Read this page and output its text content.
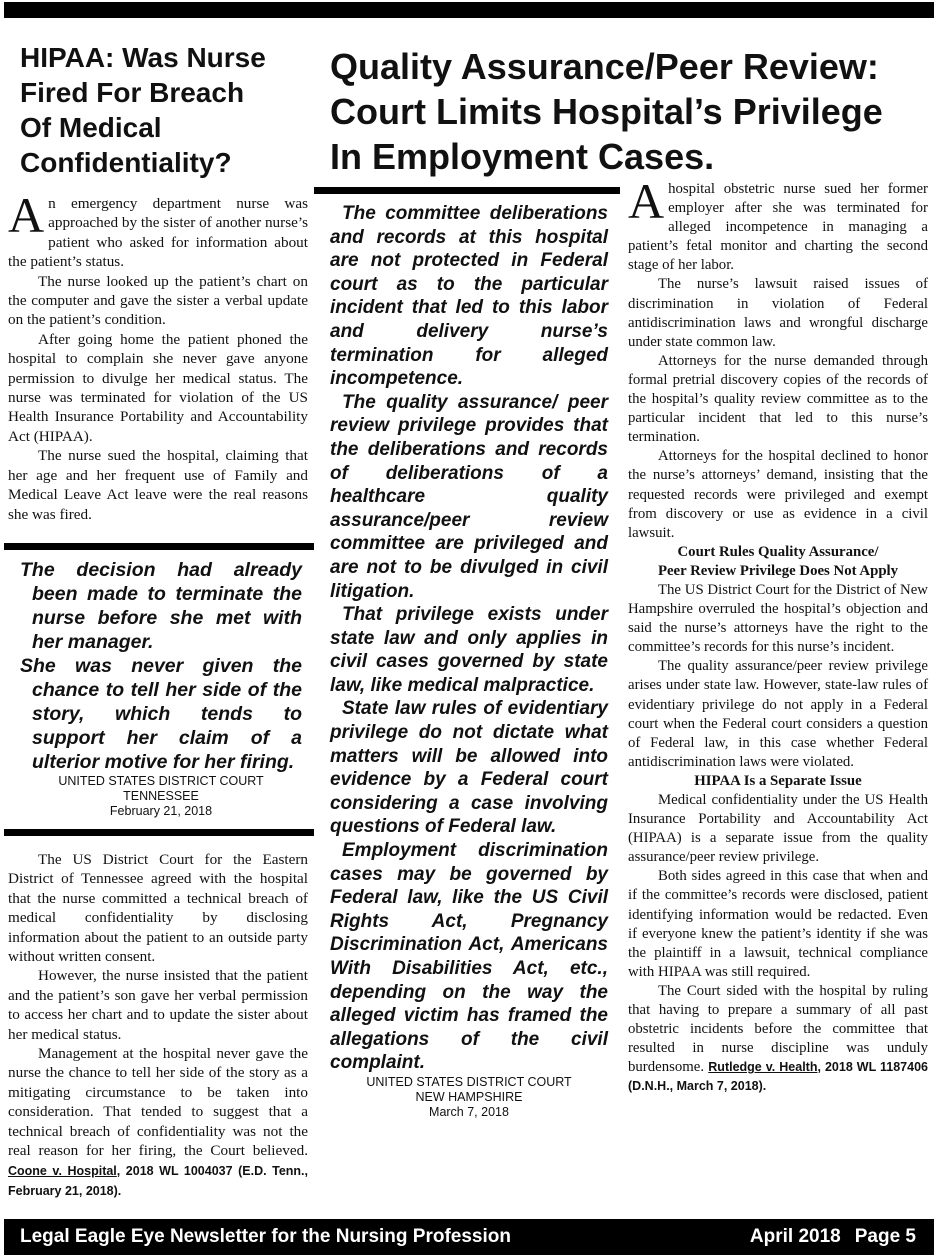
HIPAA: Was Nurse
Fired For Breach
Of Medical
Confidentiality?
Quality Assurance/Peer Review:
Court Limits Hospital’s Privilege
In Employment Cases.

An emergency department nurse was approached by the sister of another nurse’s patient who asked for information about the patient’s status.

The nurse looked up the patient’s chart on the computer and gave the sister a verbal update on the patient’s condition.

After going home the patient phoned the hospital to complain she never gave anyone permission to divulge her medical status. The nurse was terminated for violation of the US Health Insurance Portability and Accountability Act (HIPAA).

The nurse sued the hospital, claiming that her age and her frequent use of Family and Medical Leave Act leave were the real reasons she was fired.

The decision had already been made to terminate the nurse before she met with her manager.

She was never given the chance to tell her side of the story, which tends to support her claim of a ulterior motive for her firing.

UNITED STATES DISTRICT COURT
TENNESSEE
February 21, 2018

The US District Court for the Eastern District of Tennessee agreed with the hospital that the nurse committed a technical breach of medical confidentiality by disclosing information about the patient to an outside party without written consent.

However, the nurse insisted that the patient and the patient’s son gave her verbal permission to access her chart and to update the sister about her medical status.

Management at the hospital never gave the nurse the chance to tell her side of the story as a mitigating circumstance to be taken into consideration. That tended to suggest that a technical breach of confidentiality was not the real reason for her firing, the Court believed. Coone v. Hospital, 2018 WL 1004037 (E.D. Tenn., February 21, 2018).

The committee deliberations and records at this hospital are not protected in Federal court as to the particular incident that led to this labor and delivery nurse’s termination for alleged incompetence.

The quality assurance/ peer review privilege provides that the deliberations and records of deliberations of a healthcare quality assurance/peer review committee are privileged and are not to be divulged in civil litigation.

That privilege exists under state law and only applies in civil cases governed by state law, like medical malpractice.

State law rules of evidentiary privilege do not dictate what matters will be allowed into evidence by a Federal court considering a case involving questions of Federal law.

Employment discrimination cases may be governed by Federal law, like the US Civil Rights Act, Pregnancy Discrimination Act, Americans With Disabilities Act, etc., depending on the way the alleged victim has framed the allegations of the civil complaint.

UNITED STATES DISTRICT COURT
NEW HAMPSHIRE
March 7, 2018

A hospital obstetric nurse sued her former employer after she was terminated for alleged incompetence in managing a patient’s fetal monitor and charting the second stage of her labor.

The nurse’s lawsuit raised issues of discrimination in violation of Federal antidiscrimination laws and wrongful discharge under state common law.

Attorneys for the nurse demanded through formal pretrial discovery copies of the records of the hospital’s quality review committee as to the particular incident that led to this nurse’s termination.

Attorneys for the hospital declined to honor the nurse’s attorneys’ demand, insisting that the requested records were privileged and exempt from discovery or use as evidence in a civil lawsuit.

Court Rules Quality Assurance/
Peer Review Privilege Does Not Apply

The US District Court for the District of New Hampshire overruled the hospital’s objection and said the nurse’s attorneys have the right to the committee’s records for this nurse’s incident.

The quality assurance/peer review privilege arises under state law. However, state-law rules of evidentiary privilege do not apply in a Federal court when the Federal court considers a question of Federal law, in this case whether Federal antidiscrimination laws were violated.

HIPAA Is a Separate Issue

Medical confidentiality under the US Health Insurance Portability and Accountability Act (HIPAA) is a separate issue from the quality assurance/peer review privilege.

Both sides agreed in this case that when and if the committee’s records were disclosed, patient identifying information would be redacted. Even if everyone knew the patient’s identity if she was the plaintiff in a lawsuit, technical compliance with HIPAA was still required.

The Court sided with the hospital by ruling that having to prepare a summary of all past obstetric incidents before the committee that resulted in nurse discipline was unduly burdensome. Rutledge v. Health, 2018 WL 1187406 (D.N.H., March 7, 2018).

Legal Eagle Eye Newsletter for the Nursing Profession	April 2018 Page 5
